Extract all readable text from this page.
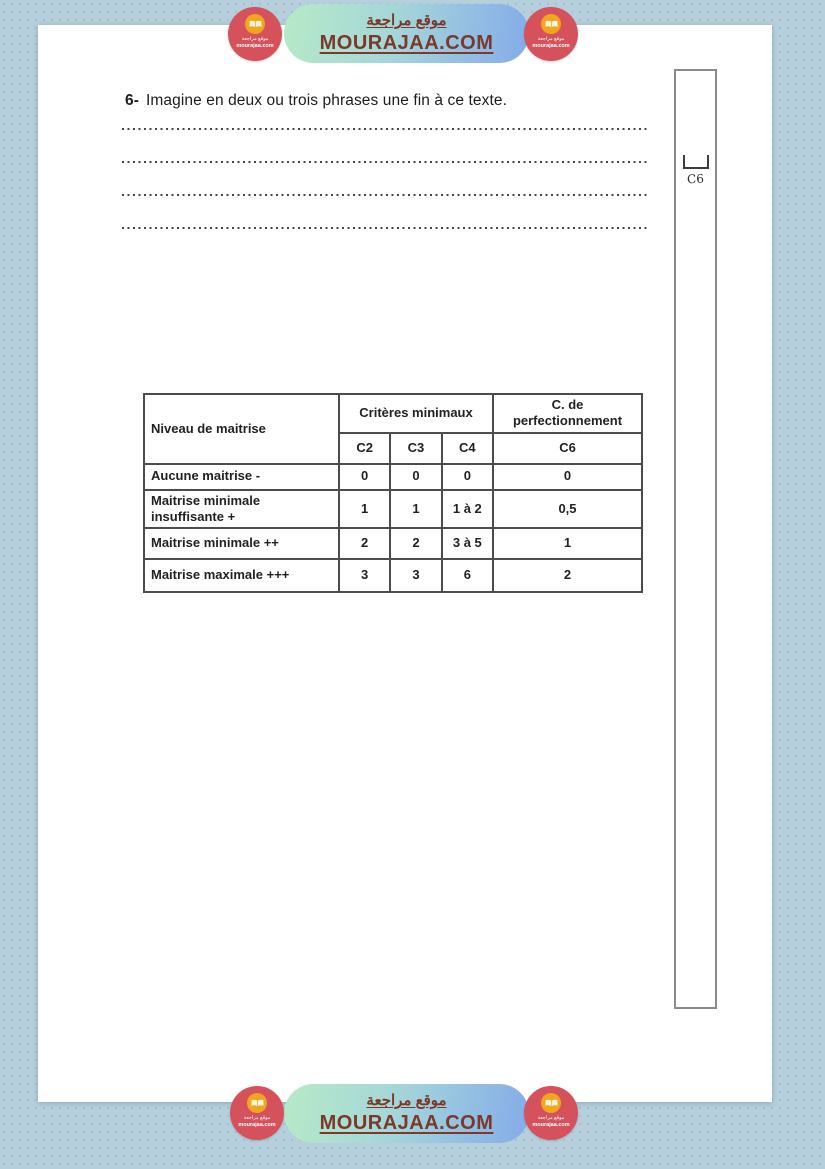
موقع مراجعة
mourajaa.com
موقع مراجعة
MOURAJAA.COM	موقع مراجعة
mourajaa.com
6- Imagine en deux ou trois phrases une fin à ce texte.
Niveau de maitrise	Critères minimaux			C. de perfectionnement
	C2	C3	C4	C6
Aucune maitrise -	0	0	0	0
Maitrise minimale insuffisante +	1	1	1 à 2	0,5
Maitrise minimale ++	2	2	3 à 5	1
Maitrise maximale +++	3	3	6	2
C6
موقع مراجعة
mourajaa.com
موقع مراجعة
MOURAJAA.COM	موقع مراجعة
mourajaa.com
